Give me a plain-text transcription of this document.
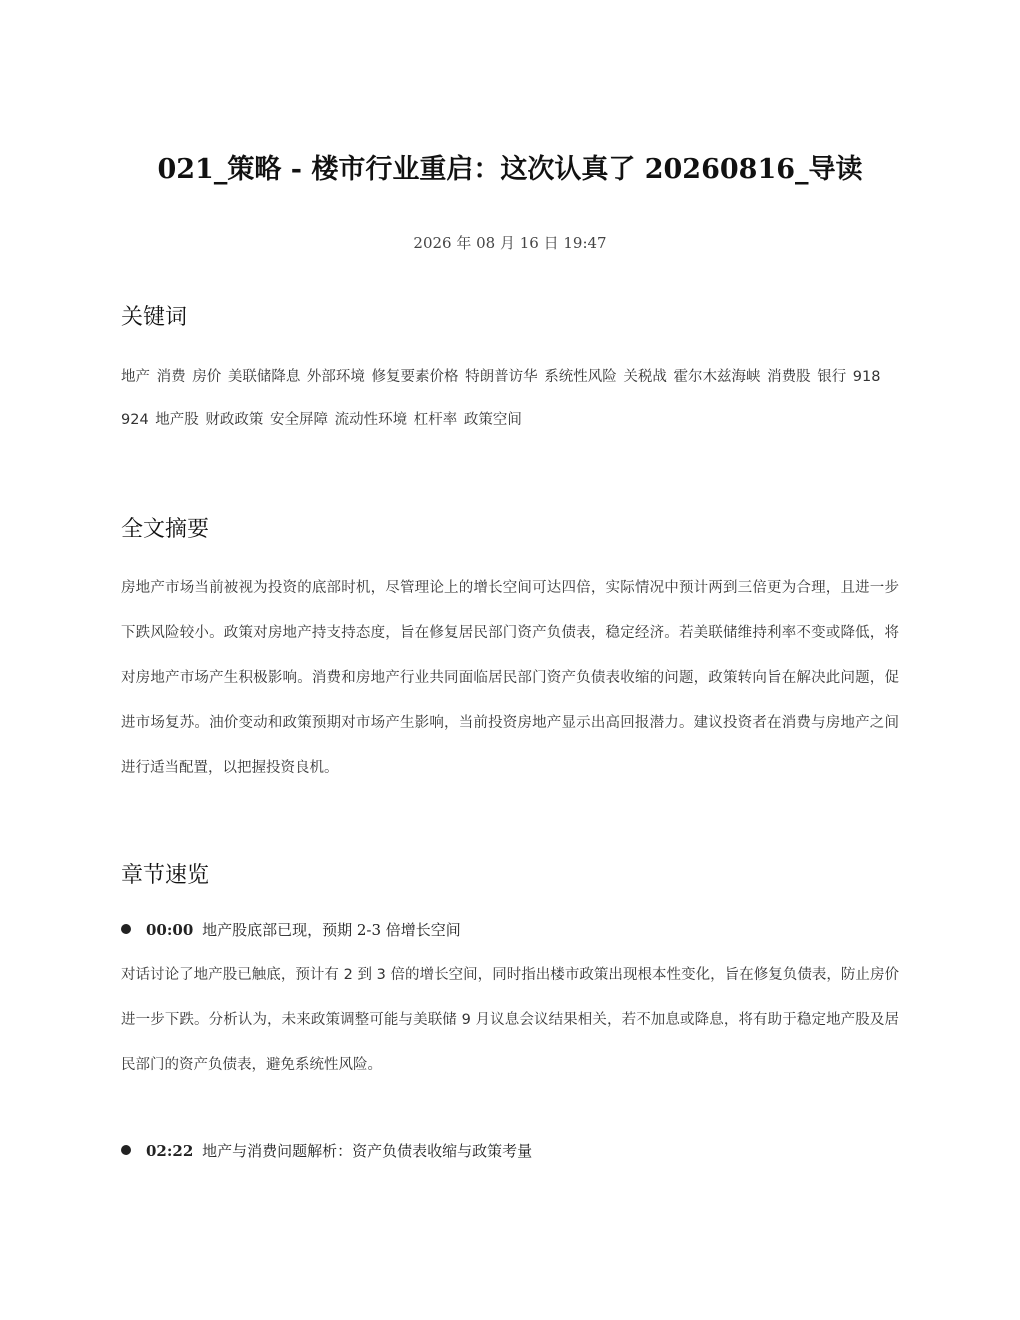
021_策略 - 楼市行业重启：这次认真了 20260816_导读
2026 年 08 月 16 日 19:47
关键词
地产 消费 房价 美联储降息 外部环境 修复要素价格 特朗普访华 系统性风险 关税战 霍尔木兹海峡 消费股 银行 918 924 地产股 财政政策 安全屏障 流动性环境 杠杆率 政策空间
全文摘要
房地产市场当前被视为投资的底部时机，尽管理论上的增长空间可达四倍，实际情况中预计两到三倍更为合理，且进一步下跌风险较小。政策对房地产持支持态度，旨在修复居民部门资产负债表，稳定经济。若美联储维持利率不变或降低，将对房地产市场产生积极影响。消费和房地产行业共同面临居民部门资产负债表收缩的问题，政策转向旨在解决此问题，促进市场复苏。油价变动和政策预期对市场产生影响，当前投资房地产显示出高回报潜力。建议投资者在消费与房地产之间进行适当配置，以把握投资良机。
章节速览
00:00 地产股底部已现，预期 2-3 倍增长空间
对话讨论了地产股已触底，预计有 2 到 3 倍的增长空间，同时指出楼市政策出现根本性变化，旨在修复负债表，防止房价进一步下跌。分析认为，未来政策调整可能与美联储 9 月议息会议结果相关，若不加息或降息，将有助于稳定地产股及居民部门的资产负债表，避免系统性风险。
02:22 地产与消费问题解析：资产负债表收缩与政策考量
